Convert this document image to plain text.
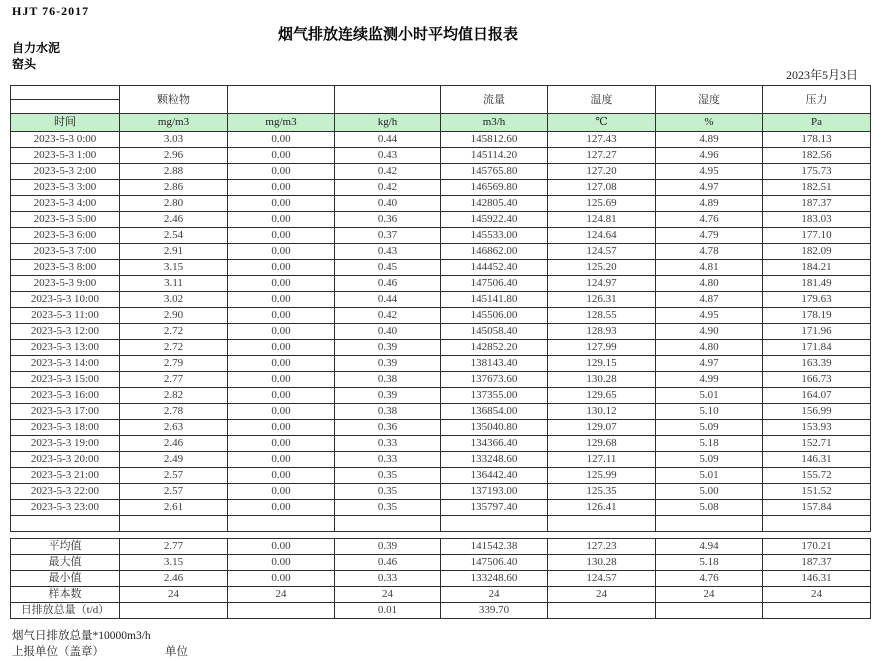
HJT 76-2017
烟气排放连续监测小时平均值日报表
自力水泥
窑头
2023年5月3日
	颗粒物			流量	温度	湿度	压力
时间	mg/m3	mg/m3	kg/h	m3/h	℃	%	Pa
2023-5-3 0:00	3.03	0.00	0.44	145812.60	127.43	4.89	178.13
2023-5-3 1:00	2.96	0.00	0.43	145114.20	127.27	4.96	182.56
2023-5-3 2:00	2.88	0.00	0.42	145765.80	127.20	4.95	175.73
2023-5-3 3:00	2.86	0.00	0.42	146569.80	127.08	4.97	182.51
2023-5-3 4:00	2.80	0.00	0.40	142805.40	125.69	4.89	187.37
2023-5-3 5:00	2.46	0.00	0.36	145922.40	124.81	4.76	183.03
2023-5-3 6:00	2.54	0.00	0.37	145533.00	124.64	4.79	177.10
2023-5-3 7:00	2.91	0.00	0.43	146862.00	124.57	4.78	182.09
2023-5-3 8:00	3.15	0.00	0.45	144452.40	125.20	4.81	184.21
2023-5-3 9:00	3.11	0.00	0.46	147506.40	124.97	4.80	181.49
2023-5-3 10:00	3.02	0.00	0.44	145141.80	126.31	4.87	179.63
2023-5-3 11:00	2.90	0.00	0.42	145506.00	128.55	4.95	178.19
2023-5-3 12:00	2.72	0.00	0.40	145058.40	128.93	4.90	171.96
2023-5-3 13:00	2.72	0.00	0.39	142852.20	127.99	4.80	171.84
2023-5-3 14:00	2.79	0.00	0.39	138143.40	129.15	4.97	163.39
2023-5-3 15:00	2.77	0.00	0.38	137673.60	130.28	4.99	166.73
2023-5-3 16:00	2.82	0.00	0.39	137355.00	129.65	5.01	164.07
2023-5-3 17:00	2.78	0.00	0.38	136854.00	130.12	5.10	156.99
2023-5-3 18:00	2.63	0.00	0.36	135040.80	129.07	5.09	153.93
2023-5-3 19:00	2.46	0.00	0.33	134366.40	129.68	5.18	152.71
2023-5-3 20:00	2.49	0.00	0.33	133248.60	127.11	5.09	146.31
2023-5-3 21:00	2.57	0.00	0.35	136442.40	125.99	5.01	155.72
2023-5-3 22:00	2.57	0.00	0.35	137193.00	125.35	5.00	151.52
2023-5-3 23:00	2.61	0.00	0.35	135797.40	126.41	5.08	157.84

平均值	2.77	0.00	0.39	141542.38	127.23	4.94	170.21
最大值	3.15	0.00	0.46	147506.40	130.28	5.18	187.37
最小值	2.46	0.00	0.33	133248.60	124.57	4.76	146.31
样本数	24	24	24	24	24	24	24
日排放总量（t/d）			0.01	339.70			
烟气日排放总量*10000m3/h
上报单位（盖章）	单位
